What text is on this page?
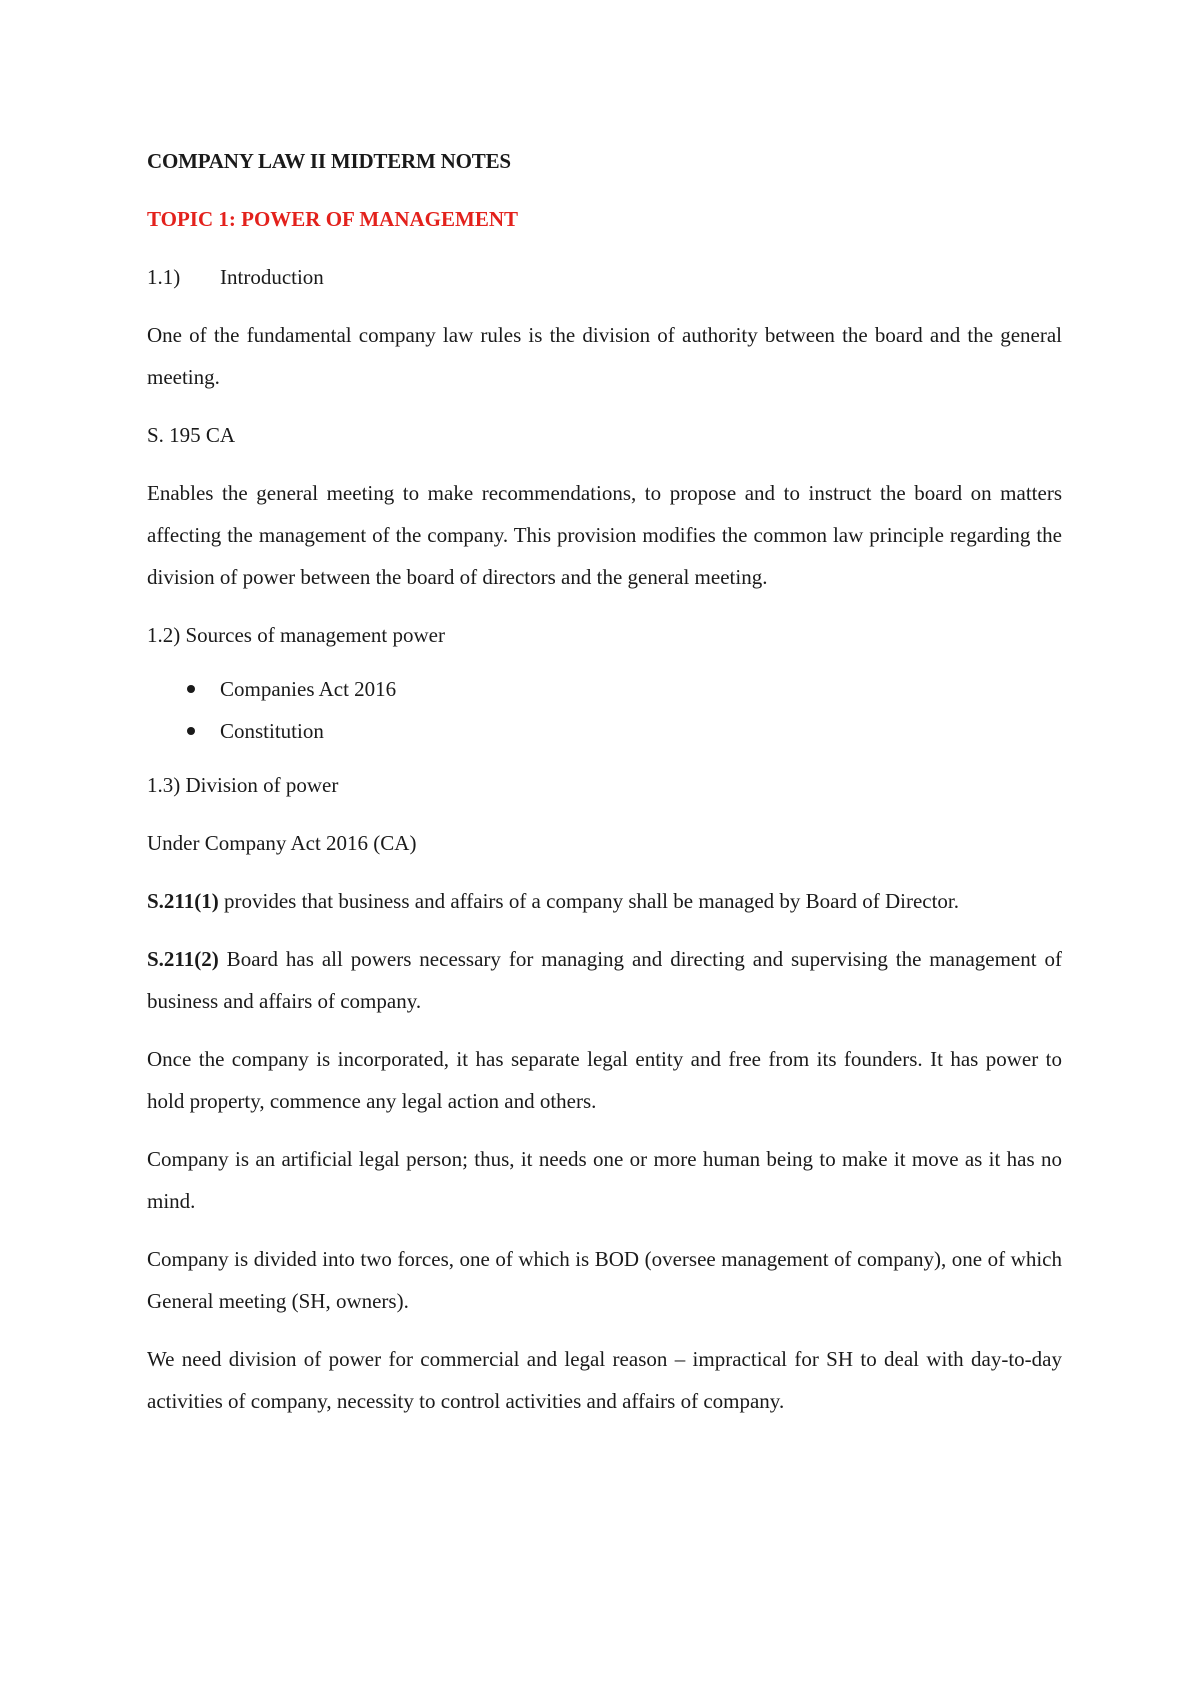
COMPANY LAW II MIDTERM NOTES
TOPIC 1: POWER OF MANAGEMENT
1.1)	Introduction

One of the fundamental company law rules is the division of authority between the board and the general meeting.

S. 195 CA

Enables the general meeting to make recommendations, to propose and to instruct the board on matters affecting the management of the company. This provision modifies the common law principle regarding the division of power between the board of directors and the general meeting.

1.2) Sources of management power

Companies Act 2016
Constitution

1.3) Division of power

Under Company Act 2016 (CA)

S.211(1) provides that business and affairs of a company shall be managed by Board of Director.

S.211(2) Board has all powers necessary for managing and directing and supervising the management of business and affairs of company.

Once the company is incorporated, it has separate legal entity and free from its founders. It has power to hold property, commence any legal action and others.

Company is an artificial legal person; thus, it needs one or more human being to make it move as it has no mind.

Company is divided into two forces, one of which is BOD (oversee management of company), one of which General meeting (SH, owners).

We need division of power for commercial and legal reason – impractical for SH to deal with day-to-day activities of company, necessity to control activities and affairs of company.
